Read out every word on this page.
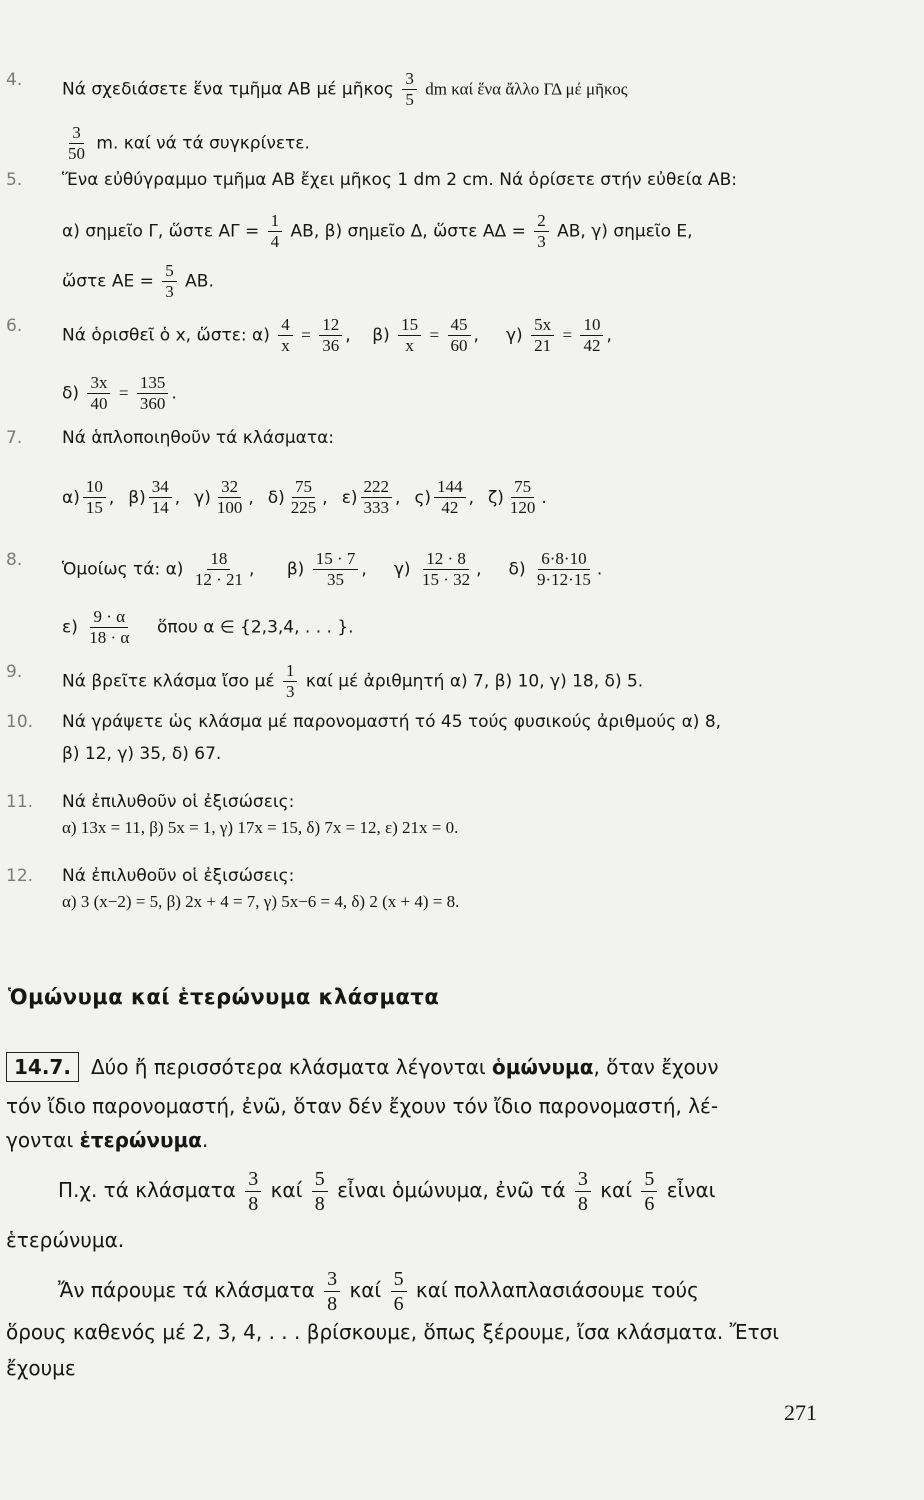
4. Νά σχεδιάσετε ἕνα τμῆμα ΑΒ μέ μῆκος $\frac{3}{5}$ dm καί ἕνα ἄλλο ΓΔ μέ μῆκος
$\frac{3}{50} m$. καί νά τά συγκρίνετε.
5. Ἕνα εὐθύγραμμο τμῆμα ΑΒ ἔχει μῆκος 1 dm 2 cm. Νά ὁρίσετε στήν εὐθεία ΑΒ:
α) σημεῖο Γ, ὥστε $A\Gamma = \frac{1}{4} AB$, β) σημεῖο Δ, ὥστε $A\Delta = \frac{2}{3} AB$, γ) σημεῖο Ε,
ὥστε $AE = \frac{5}{3} AB$.
6. Νά ὁρισθεῖ ὁ x, ὥστε: $\alpha) \frac{4}{x} = \frac{12}{36}$ ,    $\beta) \frac{15}{x} = \frac{45}{60}$ ,     $\gamma) \frac{5x}{21} = \frac{10}{42}$ ,
$\delta) \frac{3x}{40} = \frac{135}{360}$ .
7. Νά ἁπλοποιηθοῦν τά κλάσματα:
$\alpha) \frac{10}{15}$ , $\beta) \frac{34}{14}$ , $\gamma) \frac{32}{100}$ , $\delta) \frac{75}{225}$ , $\varepsilon) \frac{222}{333}$ , $\varsigma) \frac{144}{42}$ , $\zeta) \frac{75}{120}$ .
8. Ὁμοίως τά: $\alpha) \frac{18}{12 \cdot 21}$ ,      $\beta) \frac{15 \cdot 7}{35}$ ,     $\gamma) \frac{12 \cdot 8}{15 \cdot 32}$ ,     $\delta) \frac{6\cdot 8\cdot 10}{9\cdot 12\cdot 15}$ .
$\varepsilon) \frac{9 \cdot \alpha}{18 \cdot \alpha}$ ὅπου α ∈ {2,3,4, . . . }.
9. Νά βρεῖτε κλάσμα ἴσο μέ $\frac{1}{3}$ καί μέ ἀριθμητή α) 7, β) 10, γ) 18, δ) 5.
10. Νά γράψετε ὡς κλάσμα μέ παρονομαστή τό 45 τούς φυσικούς ἀριθμούς α) 8,
β) 12, γ) 35, δ) 67.
11. Νά ἐπιλυθοῦν οἱ ἐξισώσεις:
α) 13x = 11, β) 5x = 1, γ) 17x = 15, δ) 7x = 12, ε) 21x = 0.
12. Νά ἐπιλυθοῦν οἱ ἐξισώσεις:
α) 3 (x−2) = 5, β) 2x + 4 = 7, γ) 5x−6 = 4, δ) 2 (x + 4) = 8.
Ὁμώνυμα καί ἑτερώνυμα κλάσματα
14.7. Δύο ἤ περισσότερα κλάσματα λέγονται ὁμώνυμα, ὅταν ἔχουν
τόν ἴδιο παρονομαστή, ἐνῶ, ὅταν δέν ἔχουν τόν ἴδιο παρονομαστή, λέ-
γονται ἑτερώνυμα.
Π.χ. τά κλάσματα $\frac{3}{8}$ καί $\frac{5}{8}$ εἶναι ὁμώνυμα, ἐνῶ τά $\frac{3}{8}$ καί $\frac{5}{6}$ εἶναι
ἑτερώνυμα.
Ἄν πάρουμε τά κλάσματα $\frac{3}{8}$ καί $\frac{5}{6}$ καί πολλαπλασιάσουμε τούς
ὅρους καθενός μέ 2, 3, 4, . . . βρίσκουμε, ὅπως ξέρουμε, ἴσα κλάσματα. Ἔτσι
ἔχουμε
271
